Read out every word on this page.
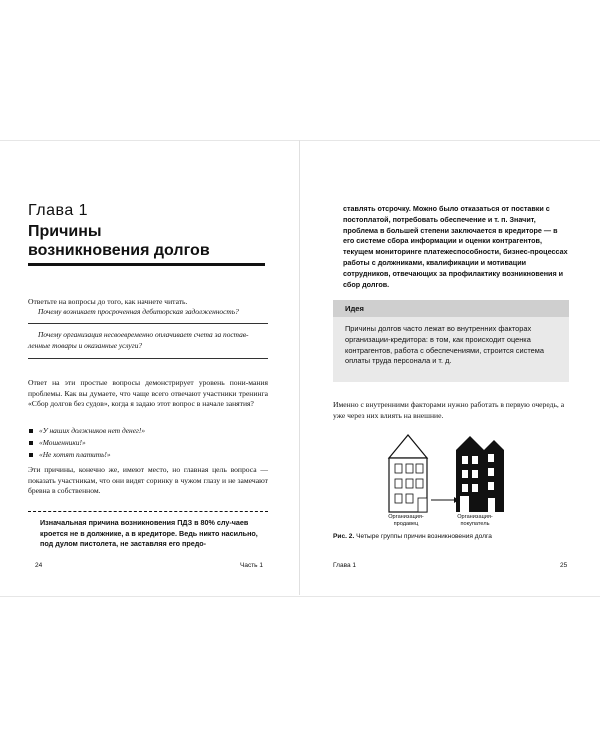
Глава 1
Причины
возникновения долгов
Ответьте на вопросы до того, как начнете читать.
Почему возникает просроченная дебиторская задолженность?
Почему организация несвоевременно оплачивает счета за постав-
ленные товары и оказанные услуги?
Ответ на эти простые вопросы демонстрирует уровень пони-мания проблемы. Как вы думаете, что чаще всего отвечают участники тренинга «Сбор долгов без судов», когда я задаю этот вопрос в начале занятия?
«У наших должников нет денег!»
«Мошенники!»
«Не хотят платить!»
Эти причины, конечно же, имеют место, но главная цель вопроса — показать участникам, что они видят соринку в чужом глазу и не замечают бревна в собственном.
Изначальная причина возникновения ПДЗ в 80% слу-чаев кроется не в должнике, а в кредиторе. Ведь никто насильно, под дулом пистолета, не заставляя его предо-
24	Часть 1
ставлять отсрочку. Можно было отказаться от поставки с постоплатой, потребовать обеспечение и т. п. Значит, проблема в большей степени заключается в кредиторе — в его системе сбора информации и оценки контрагентов, текущем мониторинге платежеспособности, бизнес-процессах работы с должниками, квалификации и мотивации сотрудников, отвечающих за профилактику возникновения и сбор долгов.
Идея
Причины долгов часто лежат во внутренних факторах организации-кредитора: в том, как происходит оценка контрагентов, работа с обеспечениями, строится система оплаты труда персонала и т. д.
Именно с внутренними факторами нужно работать в первую очередь, а уже через них влиять на внешние.
Организация-
продавец
Организация-
покупатель
Рис. 2. Четыре группы причин возникновения долга
Глава 1	25
